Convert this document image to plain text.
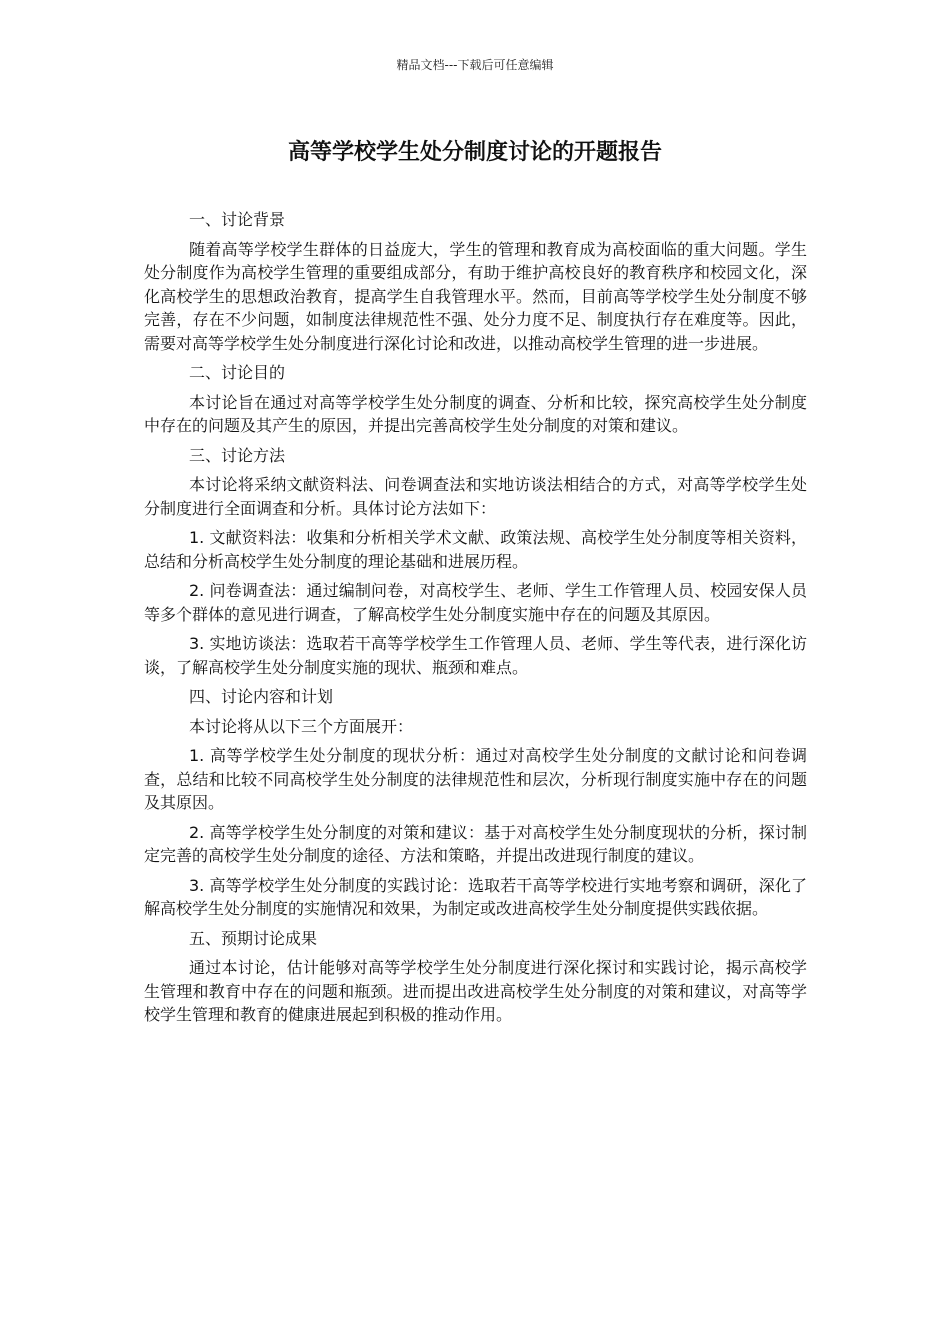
精品文档---下载后可任意编辑
高等学校学生处分制度讨论的开题报告

一、讨论背景

随着高等学校学生群体的日益庞大，学生的管理和教育成为高校面临的重大问题。学生处分制度作为高校学生管理的重要组成部分，有助于维护高校良好的教育秩序和校园文化，深化高校学生的思想政治教育，提高学生自我管理水平。然而，目前高等学校学生处分制度不够完善，存在不少问题，如制度法律规范性不强、处分力度不足、制度执行存在难度等。因此，需要对高等学校学生处分制度进行深化讨论和改进，以推动高校学生管理的进一步进展。

二、讨论目的

本讨论旨在通过对高等学校学生处分制度的调查、分析和比较，探究高校学生处分制度中存在的问题及其产生的原因，并提出完善高校学生处分制度的对策和建议。

三、讨论方法

本讨论将采纳文献资料法、问卷调查法和实地访谈法相结合的方式，对高等学校学生处分制度进行全面调查和分析。具体讨论方法如下：

1. 文献资料法：收集和分析相关学术文献、政策法规、高校学生处分制度等相关资料，总结和分析高校学生处分制度的理论基础和进展历程。

2. 问卷调查法：通过编制问卷，对高校学生、老师、学生工作管理人员、校园安保人员等多个群体的意见进行调查，了解高校学生处分制度实施中存在的问题及其原因。

3. 实地访谈法：选取若干高等学校学生工作管理人员、老师、学生等代表，进行深化访谈，了解高校学生处分制度实施的现状、瓶颈和难点。

四、讨论内容和计划

本讨论将从以下三个方面展开：

1. 高等学校学生处分制度的现状分析：通过对高校学生处分制度的文献讨论和问卷调查，总结和比较不同高校学生处分制度的法律规范性和层次，分析现行制度实施中存在的问题及其原因。

2. 高等学校学生处分制度的对策和建议：基于对高校学生处分制度现状的分析，探讨制定完善的高校学生处分制度的途径、方法和策略，并提出改进现行制度的建议。

3. 高等学校学生处分制度的实践讨论：选取若干高等学校进行实地考察和调研，深化了解高校学生处分制度的实施情况和效果，为制定或改进高校学生处分制度提供实践依据。

五、预期讨论成果

通过本讨论，估计能够对高等学校学生处分制度进行深化探讨和实践讨论，揭示高校学生管理和教育中存在的问题和瓶颈。进而提出改进高校学生处分制度的对策和建议，对高等学校学生管理和教育的健康进展起到积极的推动作用。
